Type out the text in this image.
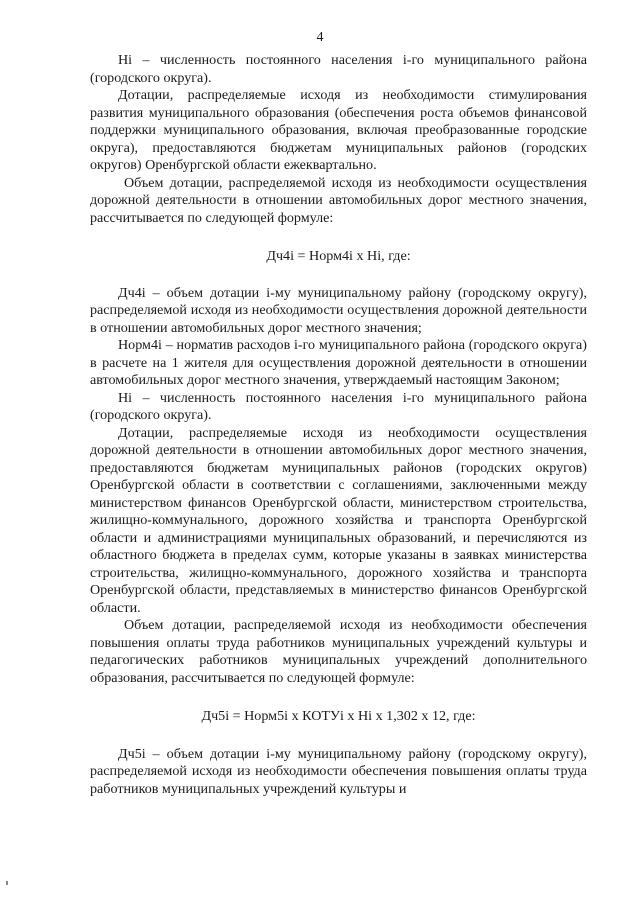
4

Нi – численность постоянного населения i-го муниципального района (городского округа).

Дотации, распределяемые исходя из необходимости стимулирования развития муниципального образования (обеспечения роста объемов финансовой поддержки муниципального образования, включая преобразованные городские округа), предоставляются бюджетам муниципальных районов (городских округов) Оренбургской области ежеквартально.

Объем дотации, распределяемой исходя из необходимости осуществления дорожной деятельности в отношении автомобильных дорог местного значения, рассчитывается по следующей формуле:

Дч4i = Норм4i x Нi, где:

Дч4i – объем дотации i-му муниципальному району (городскому округу), распределяемой исходя из необходимости осуществления дорожной деятельности в отношении автомобильных дорог местного значения;

Норм4i – норматив расходов i-го муниципального района (городского округа) в расчете на 1 жителя для осуществления дорожной деятельности в отношении автомобильных дорог местного значения, утверждаемый настоящим Законом;

Нi – численность постоянного населения i-го муниципального района (городского округа).

Дотации, распределяемые исходя из необходимости осуществления дорожной деятельности в отношении автомобильных дорог местного значения, предоставляются бюджетам муниципальных районов (городских округов) Оренбургской области в соответствии с соглашениями, заключенными между министерством финансов Оренбургской области, министерством строительства, жилищно-коммунального, дорожного хозяйства и транспорта Оренбургской области и администрациями муниципальных образований, и перечисляются из областного бюджета в пределах сумм, которые указаны в заявках министерства строительства, жилищно-коммунального, дорожного хозяйства и транспорта Оренбургской области, представляемых в министерство финансов Оренбургской области.

Объем дотации, распределяемой исходя из необходимости обеспечения повышения оплаты труда работников муниципальных учреждений культуры и педагогических работников муниципальных учреждений дополнительного образования, рассчитывается по следующей формуле:

Дч5i = Норм5i x КОТУi x Нi x 1,302 x 12, где:

Дч5i – объем дотации i-му муниципальному району (городскому округу), распределяемой исходя из необходимости обеспечения повышения оплаты труда работников муниципальных учреждений культуры и
